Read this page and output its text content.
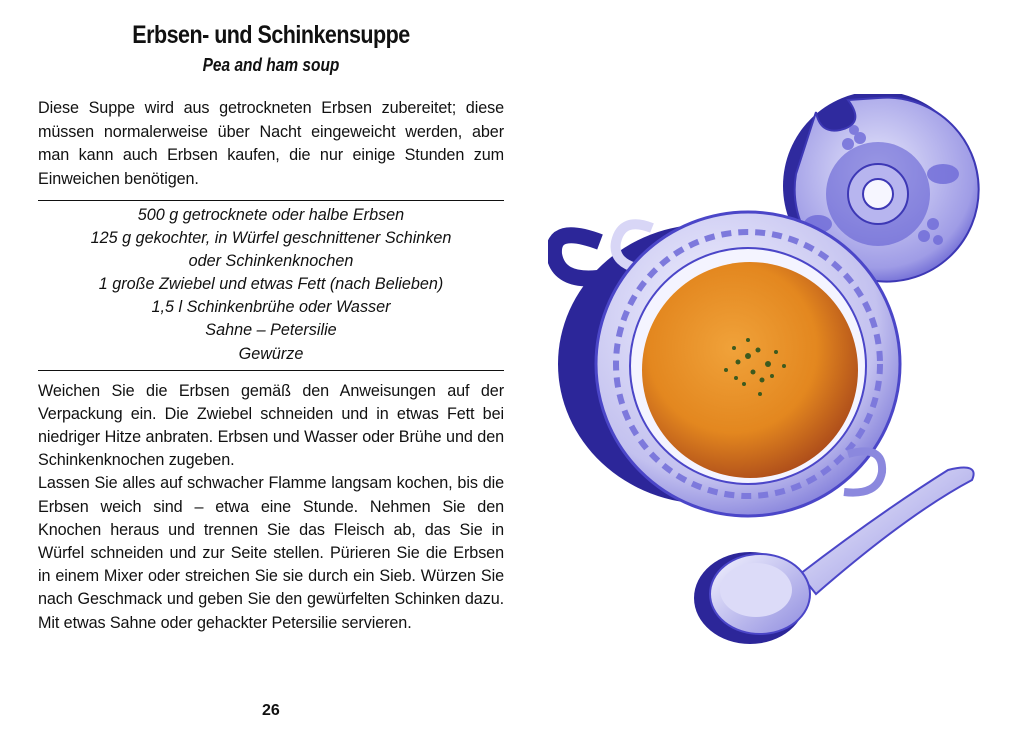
Erbsen- und Schinkensuppe
Pea and ham soup
Diese Suppe wird aus getrockneten Erbsen zubereitet; diese müssen normalerweise über Nacht eingeweicht werden, aber man kann auch Erbsen kaufen, die nur einige Stunden zum Einweichen benötigen.
500 g getrocknete oder halbe Erbsen
125 g gekochter, in Würfel geschnittener Schinken
oder Schinkenknochen
1 große Zwiebel und etwas Fett (nach Belieben)
1,5 l Schinkenbrühe oder Wasser
Sahne – Petersilie
Gewürze

Weichen Sie die Erbsen gemäß den Anweisungen auf der Verpackung ein. Die Zwiebel schneiden und in etwas Fett bei niedriger Hitze anbraten. Erbsen und Wasser oder Brühe und den Schinkenknochen zugeben.

Lassen Sie alles auf schwacher Flamme langsam kochen, bis die Erbsen weich sind – etwa eine Stunde. Nehmen Sie den Knochen heraus und trennen Sie das Fleisch ab, das Sie in Würfel schneiden und zur Seite stellen. Pürieren Sie die Erbsen in einem Mixer oder streichen Sie sie durch ein Sieb. Würzen Sie nach Geschmack und geben Sie den gewürfelten Schinken dazu. Mit etwas Sahne oder gehackter Petersilie servieren.

26
